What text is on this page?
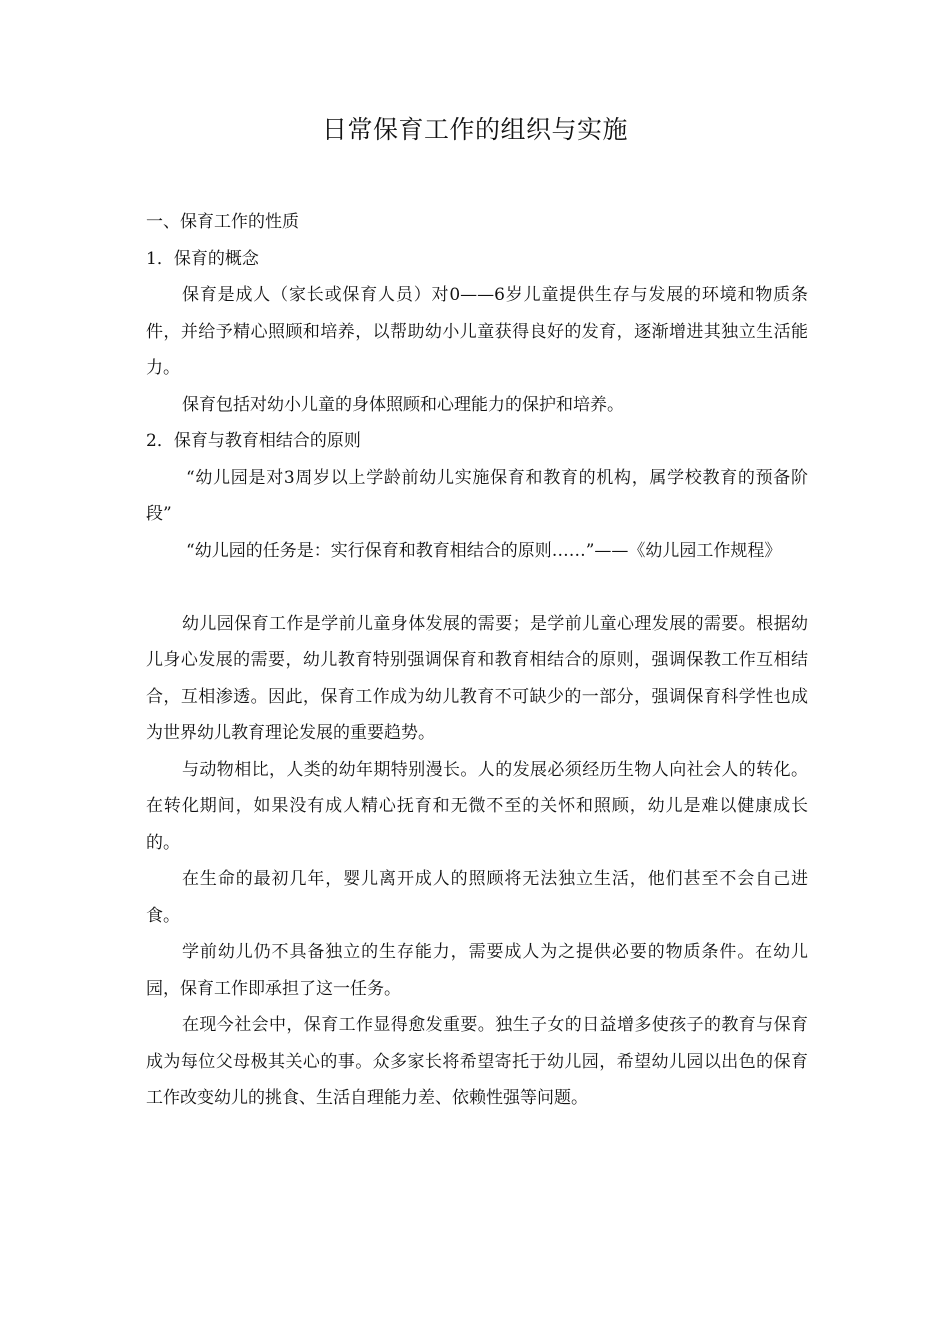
日常保育工作的组织与实施

一、保育工作的性质

1．保育的概念

保育是成人（家长或保育人员）对0——6岁儿童提供生存与发展的环境和物质条件，并给予精心照顾和培养，以帮助幼小儿童获得良好的发育，逐渐增进其独立生活能力。

保育包括对幼小儿童的身体照顾和心理能力的保护和培养。

2．保育与教育相结合的原则

“幼儿园是对3周岁以上学龄前幼儿实施保育和教育的机构，属学校教育的预备阶段”

“幼儿园的任务是：实行保育和教育相结合的原则……”——《幼儿园工作规程》

幼儿园保育工作是学前儿童身体发展的需要；是学前儿童心理发展的需要。根据幼儿身心发展的需要，幼儿教育特别强调保育和教育相结合的原则，强调保教工作互相结合，互相渗透。因此，保育工作成为幼儿教育不可缺少的一部分，强调保育科学性也成为世界幼儿教育理论发展的重要趋势。

与动物相比，人类的幼年期特别漫长。人的发展必须经历生物人向社会人的转化。在转化期间，如果没有成人精心抚育和无微不至的关怀和照顾，幼儿是难以健康成长的。

在生命的最初几年，婴儿离开成人的照顾将无法独立生活，他们甚至不会自己进食。

学前幼儿仍不具备独立的生存能力，需要成人为之提供必要的物质条件。在幼儿园，保育工作即承担了这一任务。

在现今社会中，保育工作显得愈发重要。独生子女的日益增多使孩子的教育与保育成为每位父母极其关心的事。众多家长将希望寄托于幼儿园，希望幼儿园以出色的保育工作改变幼儿的挑食、生活自理能力差、依赖性强等问题。
